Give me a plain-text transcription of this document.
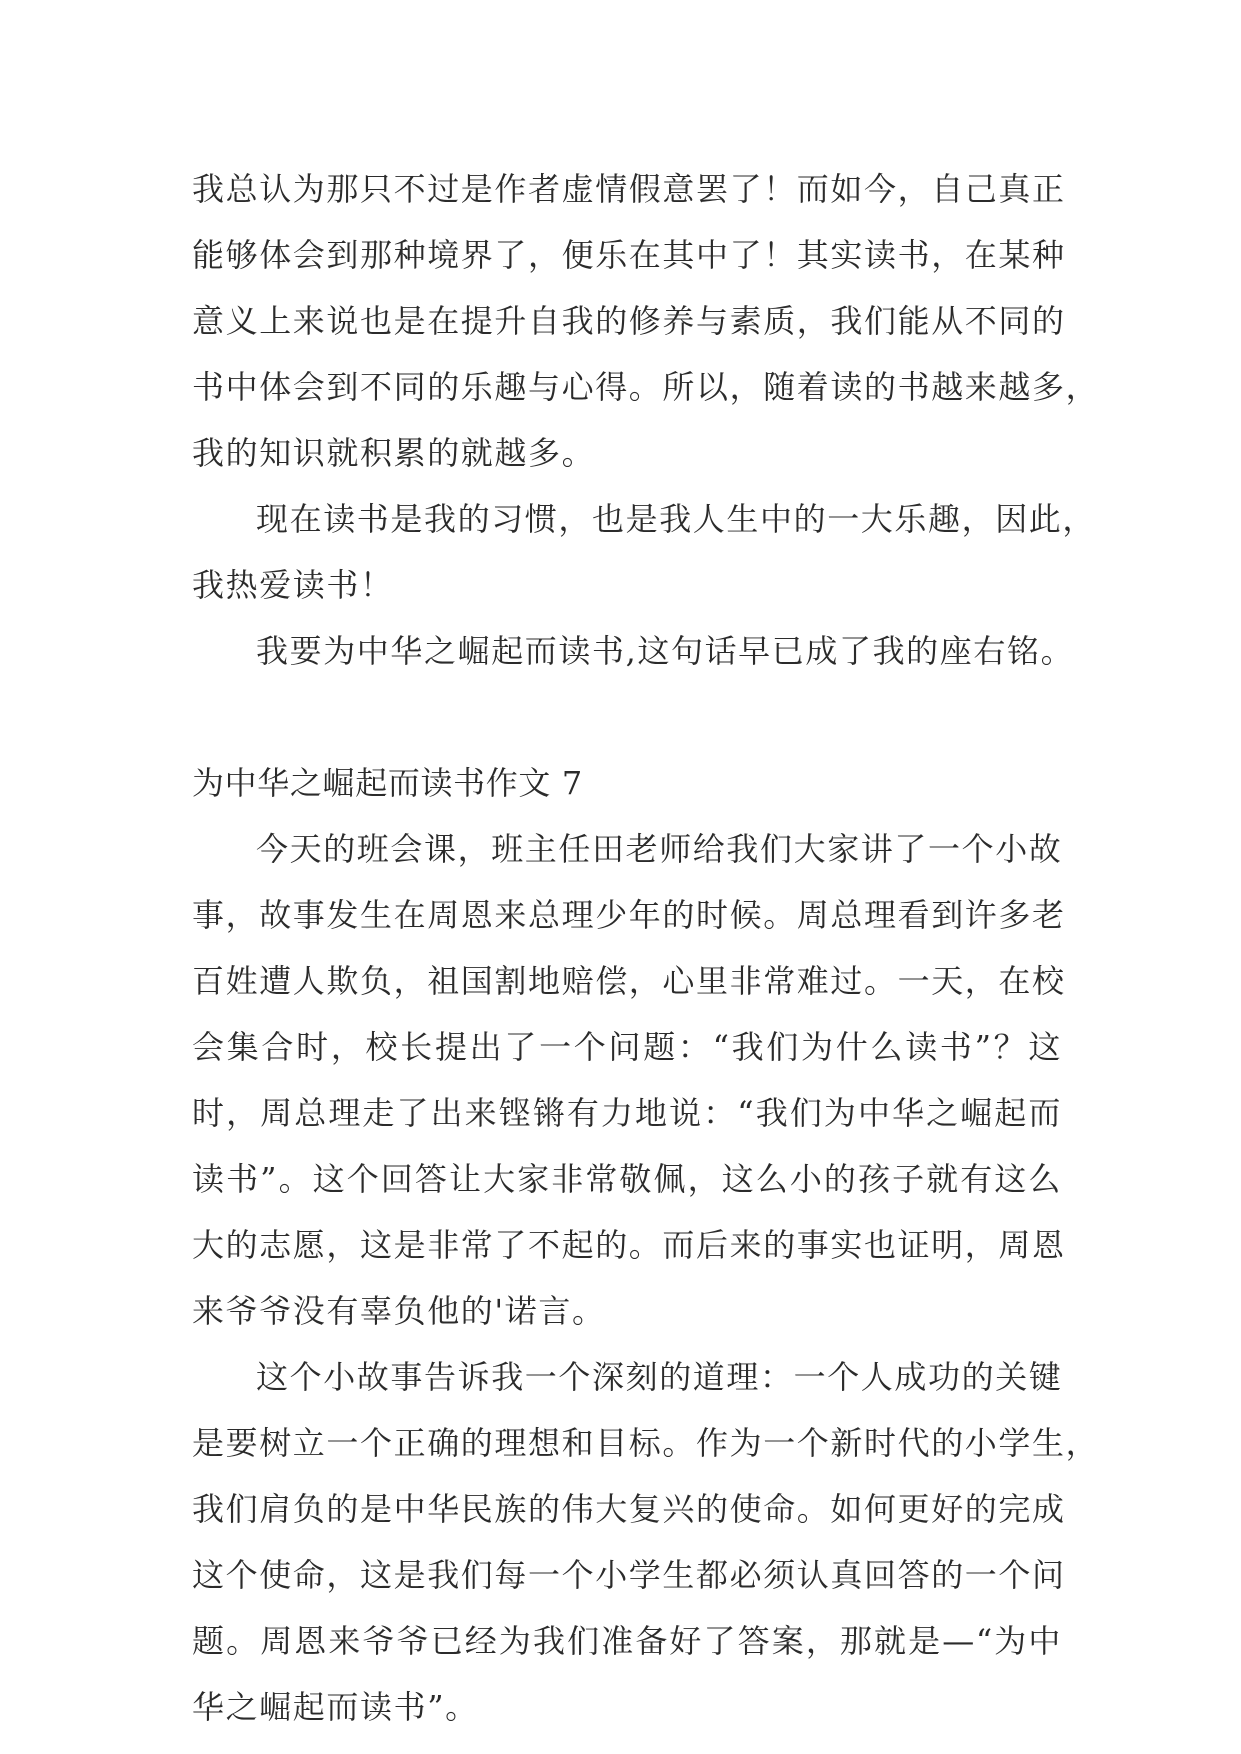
我总认为那只不过是作者虚情假意罢了！而如今，自己真正
能够体会到那种境界了，便乐在其中了！其实读书，在某种
意义上来说也是在提升自我的修养与素质，我们能从不同的
书中体会到不同的乐趣与心得。所以，随着读的书越来越多，
我的知识就积累的就越多。
现在读书是我的习惯，也是我人生中的一大乐趣，因此，
我热爱读书！
我要为中华之崛起而读书,这句话早已成了我的座右铭。
为中华之崛起而读书作文 7
今天的班会课，班主任田老师给我们大家讲了一个小故
事，故事发生在周恩来总理少年的时候。周总理看到许多老
百姓遭人欺负，祖国割地赔偿，心里非常难过。一天，在校
会集合时，校长提出了一个问题：“我们为什么读书”？这
时，周总理走了出来铿锵有力地说：“我们为中华之崛起而
读书”。这个回答让大家非常敬佩，这么小的孩子就有这么
大的志愿，这是非常了不起的。而后来的事实也证明，周恩
来爷爷没有辜负他的'诺言。
这个小故事告诉我一个深刻的道理：一个人成功的关键
是要树立一个正确的理想和目标。作为一个新时代的小学生，
我们肩负的是中华民族的伟大复兴的使命。如何更好的完成
这个使命，这是我们每一个小学生都必须认真回答的一个问
题。周恩来爷爷已经为我们准备好了答案，那就是—“为中
华之崛起而读书”。
